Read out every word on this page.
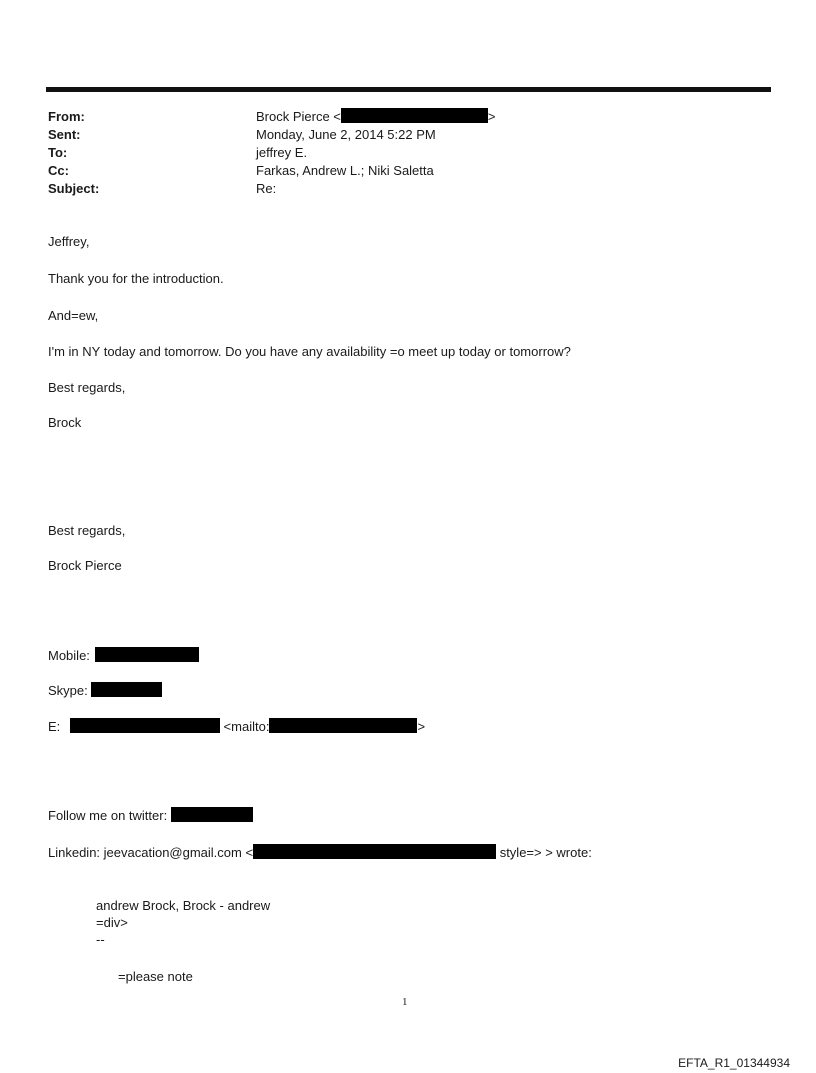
From:	Brock Pierce <	>
Sent:	Monday, June 2, 2014 5:22 PM
To:	jeffrey E.
Cc:	Farkas, Andrew L.; Niki Saletta
Subject:	Re:
Jeffrey,
Thank you for the introduction.
And=ew,
I'm in NY today and tomorrow. Do you have any availability =o meet up today or tomorrow?
Best regards,
Brock
Best regards,
Brock Pierce
Mobile:
Skype:
E:	<mailto:	>
Follow me on twitter:
Linkedin: jeevacation@gmail.com <	style=> > wrote:
andrew Brock, Brock - andrew
=div>
--
=please note
1
EFTA_R1_01344934
